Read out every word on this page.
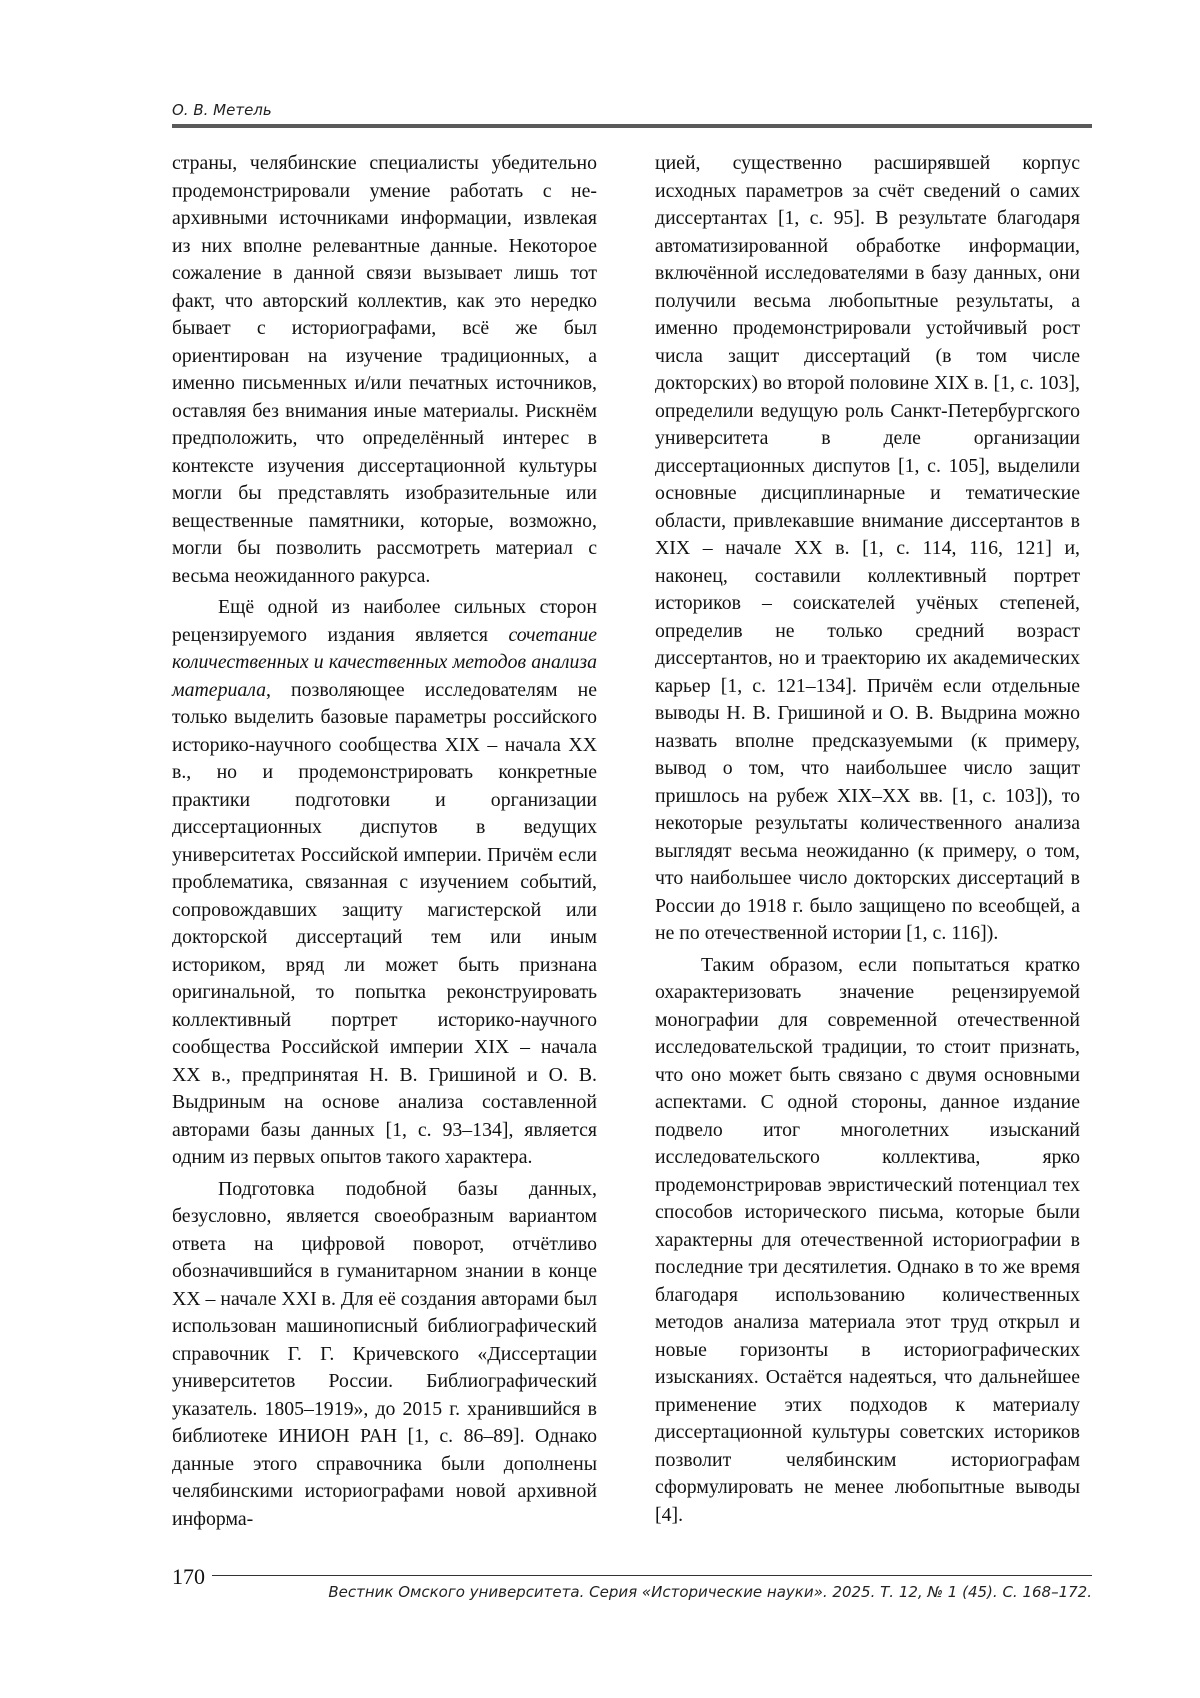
О. В. Метель

страны, челябинские специалисты убедительно продемонстрировали умение работать с не-архивными источниками информации, извлекая из них вполне релевантные данные. Некоторое сожаление в данной связи вызывает лишь тот факт, что авторский коллектив, как это нередко бывает с историографами, всё же был ориентирован на изучение традиционных, а именно письменных и/или печатных источников, оставляя без внимания иные материалы. Рискнём предположить, что определённый интерес в контексте изучения диссертационной культуры могли бы представлять изобразительные или вещественные памятники, которые, возможно, могли бы позволить рассмотреть материал с весьма неожиданного ракурса.

Ещё одной из наиболее сильных сторон рецензируемого издания является сочетание количественных и качественных методов анализа материала, позволяющее исследователям не только выделить базовые параметры российского историко-научного сообщества XIX – начала XX в., но и продемонстрировать конкретные практики подготовки и организации диссертационных диспутов в ведущих университетах Российской империи. Причём если проблематика, связанная с изучением событий, сопровождавших защиту магистерской или докторской диссертаций тем или иным историком, вряд ли может быть признана оригинальной, то попытка реконструировать коллективный портрет историко-научного сообщества Российской империи XIX – начала XX в., предпринятая Н. В. Гришиной и О. В. Выдриным на основе анализа составленной авторами базы данных [1, с. 93–134], является одним из первых опытов такого характера.

Подготовка подобной базы данных, безусловно, является своеобразным вариантом ответа на цифровой поворот, отчётливо обозначившийся в гуманитарном знании в конце XX – начале XXI в. Для её создания авторами был использован машинописный библиографический справочник Г. Г. Кричевского «Диссертации университетов России. Библиографический указатель. 1805–1919», до 2015 г. хранившийся в библиотеке ИНИОН РАН [1, с. 86–89]. Однако данные этого справочника были дополнены челябинскими историографами новой архивной информа-

цией, существенно расширявшей корпус исходных параметров за счёт сведений о самих диссертантах [1, с. 95]. В результате благодаря автоматизированной обработке информации, включённой исследователями в базу данных, они получили весьма любопытные результаты, а именно продемонстрировали устойчивый рост числа защит диссертаций (в том числе докторских) во второй половине XIX в. [1, с. 103], определили ведущую роль Санкт-Петербургского университета в деле организации диссертационных диспутов [1, с. 105], выделили основные дисциплинарные и тематические области, привлекавшие внимание диссертантов в XIX – начале XX в. [1, с. 114, 116, 121] и, наконец, составили коллективный портрет историков – соискателей учёных степеней, определив не только средний возраст диссертантов, но и траекторию их академических карьер [1, с. 121–134]. Причём если отдельные выводы Н. В. Гришиной и О. В. Выдрина можно назвать вполне предсказуемыми (к примеру, вывод о том, что наибольшее число защит пришлось на рубеж XIX–XX вв. [1, с. 103]), то некоторые результаты количественного анализа выглядят весьма неожиданно (к примеру, о том, что наибольшее число докторских диссертаций в России до 1918 г. было защищено по всеобщей, а не по отечественной истории [1, с. 116]).

Таким образом, если попытаться кратко охарактеризовать значение рецензируемой монографии для современной отечественной исследовательской традиции, то стоит признать, что оно может быть связано с двумя основными аспектами. С одной стороны, данное издание подвело итог многолетних изысканий исследовательского коллектива, ярко продемонстрировав эвристический потенциал тех способов исторического письма, которые были характерны для отечественной историографии в последние три десятилетия. Однако в то же время благодаря использованию количественных методов анализа материала этот труд открыл и новые горизонты в историографических изысканиях. Остаётся надеяться, что дальнейшее применение этих подходов к материалу диссертационной культуры советских историков позволит челябинским историографам сформулировать не менее любопытные выводы [4].

170
Вестник Омского университета. Серия «Исторические науки». 2025. Т. 12, № 1 (45). С. 168–172.
